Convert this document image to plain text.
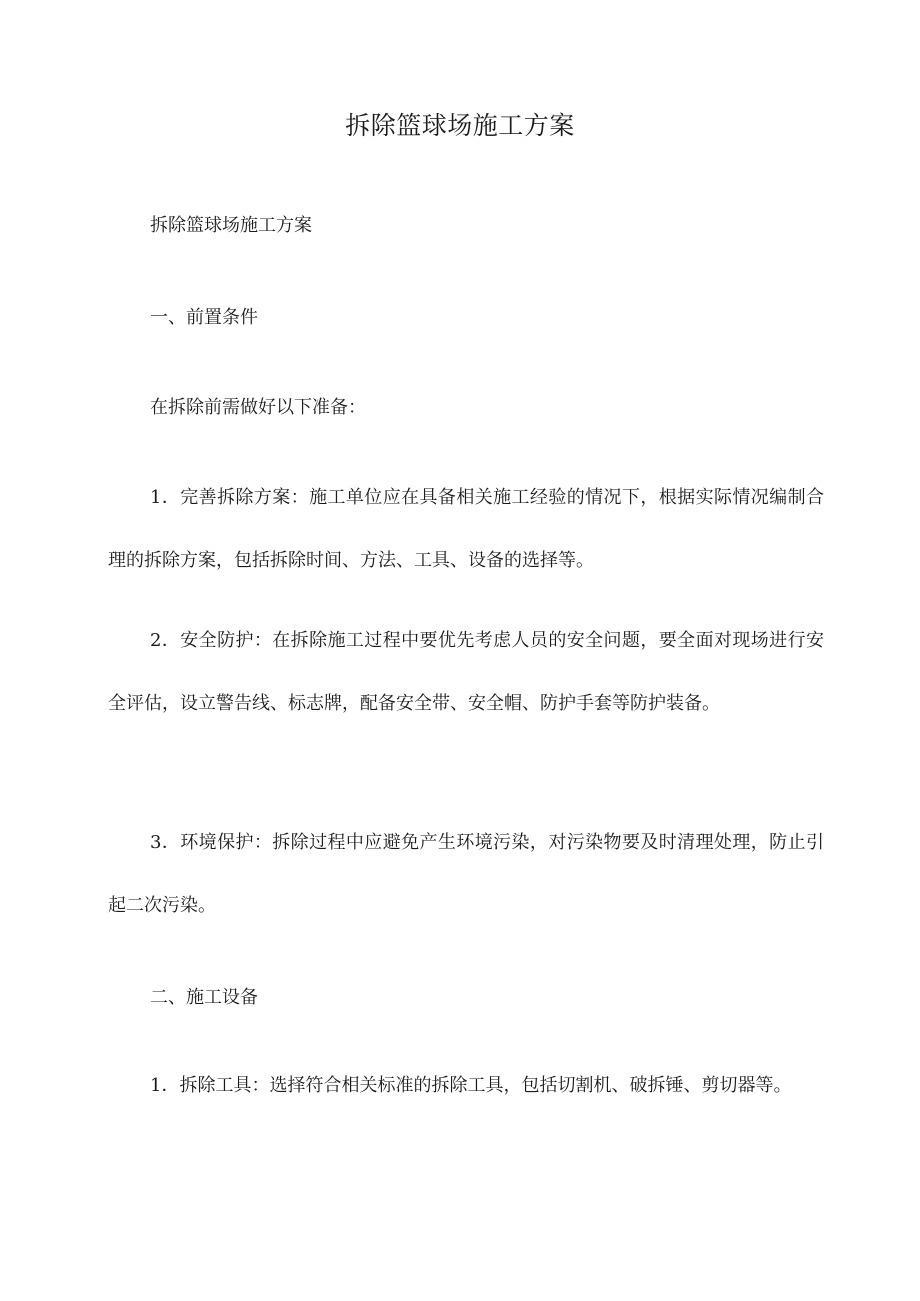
拆除篮球场施工方案
拆除篮球场施工方案
一、前置条件
在拆除前需做好以下准备：
1．完善拆除方案：施工单位应在具备相关施工经验的情况下，根据实际情况编制合理的拆除方案，包括拆除时间、方法、工具、设备的选择等。
2．安全防护：在拆除施工过程中要优先考虑人员的安全问题，要全面对现场进行安全评估，设立警告线、标志牌，配备安全带、安全帽、防护手套等防护装备。
3．环境保护：拆除过程中应避免产生环境污染，对污染物要及时清理处理，防止引起二次污染。
二、施工设备
1．拆除工具：选择符合相关标准的拆除工具，包括切割机、破拆锤、剪切器等。
